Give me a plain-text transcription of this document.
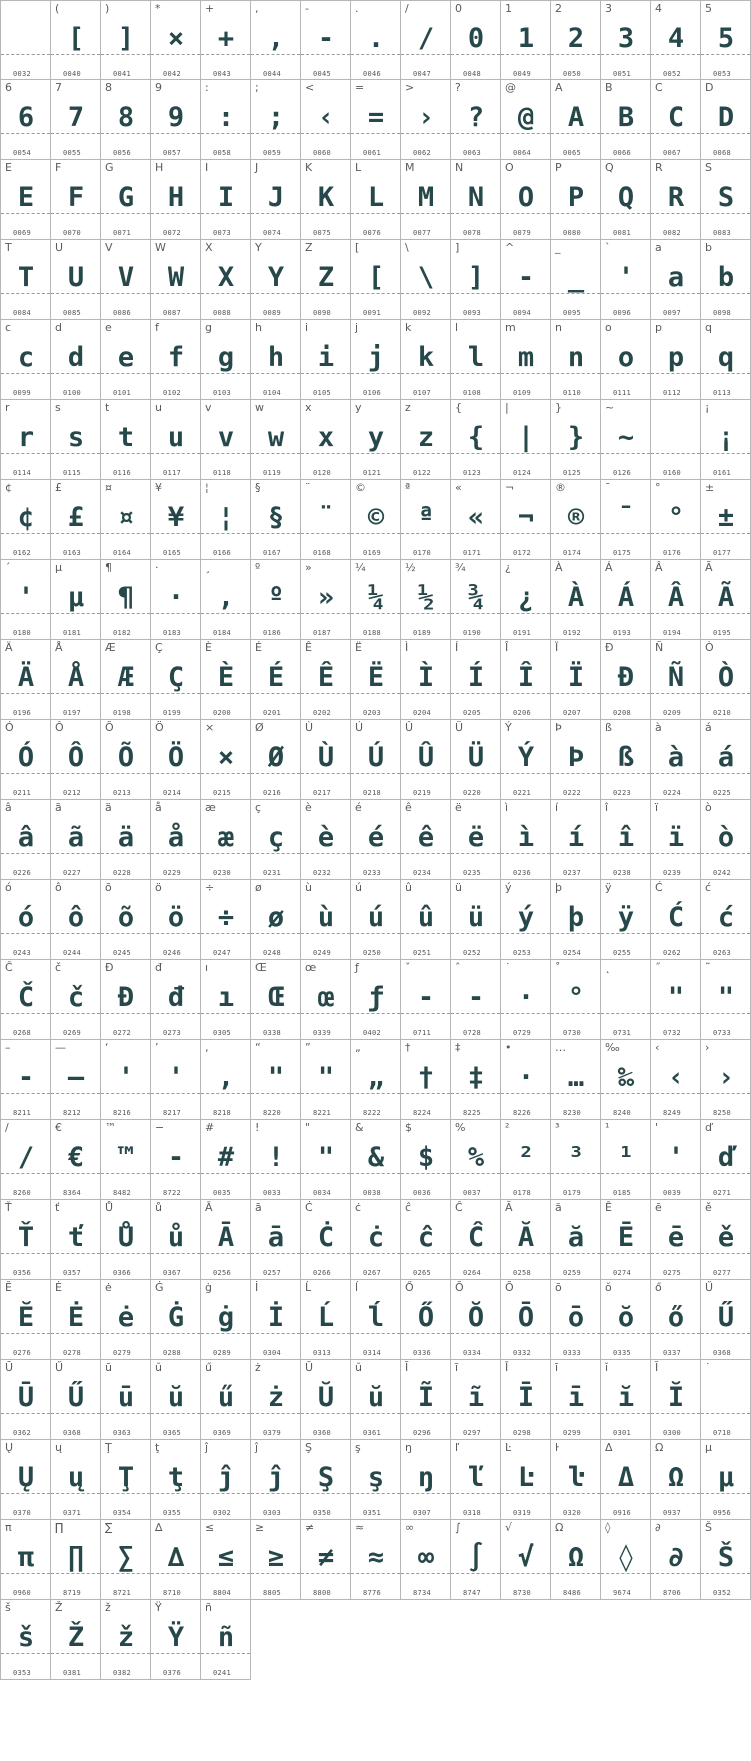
0032
(
[
0040
)
]
0041
*
×
0042
+
+
0043
,
,
0044
-
-
0045
.
.
0046
/
/
0047
0
0
0048
1
1
0049
2
2
0050
3
3
0051
4
4
0052
5
5
0053
6
6
0054
7
7
0055
8
8
0056
9
9
0057
:
:
0058
;
;
0059
<
‹
0060
=
=
0061
>
›
0062
?
?
0063
@
@
0064
A
A
0065
B
B
0066
C
C
0067
D
D
0068
E
E
0069
F
F
0070
G
G
0071
H
H
0072
I
I
0073
J
J
0074
K
K
0075
L
L
0076
M
M
0077
N
N
0078
O
O
0079
P
P
0080
Q
Q
0081
R
R
0082
S
S
0083
T
T
0084
U
U
0085
V
V
0086
W
W
0087
X
X
0088
Y
Y
0089
Z
Z
0090
[
[
0091
\
\
0092
]
]
0093
^
-
0094
_
_
0095
`
'
0096
a
a
0097
b
b
0098
c
c
0099
d
d
0100
e
e
0101
f
f
0102
g
g
0103
h
h
0104
i
i
0105
j
j
0106
k
k
0107
l
l
0108
m
m
0109
n
n
0110
o
o
0111
p
p
0112
q
q
0113
r
r
0114
s
s
0115
t
t
0116
u
u
0117
v
v
0118
w
w
0119
x
x
0120
y
y
0121
z
z
0122
{
{
0123
|
|
0124
}
}
0125
~
~
0126	0160
¡
¡
0161
¢
¢
0162
£
£
0163
¤
¤
0164
¥
¥
0165
¦
¦
0166
§
§
0167
¨
¨
0168
©
©
0169
ª
ª
0170
«
«
0171
¬
¬
0172
®
®
0174
¯
¯
0175
°
°
0176
±
±
0177
´
'
0180
µ
µ
0181
¶
¶
0182
·
·
0183
¸
,
0184
º
º
0186
»
»
0187
¼
¼
0188
½
½
0189
¾
¾
0190
¿
¿
0191
À
À
0192
Á
Á
0193
Â
Â
0194
Ã
Ã
0195
Ä
Ä
0196
Å
Å
0197
Æ
Æ
0198
Ç
Ç
0199
È
È
0200
É
É
0201
Ê
Ê
0202
Ë
Ë
0203
Ì
Ì
0204
Í
Í
0205
Î
Î
0206
Ï
Ï
0207
Ð
Ð
0208
Ñ
Ñ
0209
Ò
Ò
0210
Ó
Ó
0211
Ô
Ô
0212
Õ
Õ
0213
Ö
Ö
0214
×
×
0215
Ø
Ø
0216
Ù
Ù
0217
Ú
Ú
0218
Û
Û
0219
Ü
Ü
0220
Ý
Ý
0221
Þ
Þ
0222
ß
ß
0223
à
à
0224
á
á
0225
â
â
0226
ã
ã
0227
ä
ä
0228
å
å
0229
æ
æ
0230
ç
ç
0231
è
è
0232
é
é
0233
ê
ê
0234
ë
ë
0235
ì
ì
0236
í
í
0237
î
î
0238
ï
ï
0239
ò
ò
0242
ó
ó
0243
ô
ô
0244
õ
õ
0245
ö
ö
0246
÷
÷
0247
ø
ø
0248
ù
ù
0249
ú
ú
0250
û
û
0251
ü
ü
0252
ý
ý
0253
þ
þ
0254
ÿ
ÿ
0255
Ć
Ć
0262
ć
ć
0263
Č
Č
0268
č
č
0269
Đ
Đ
0272
đ
đ
0273
ı
ı
0305
Œ
Œ
0338
œ
œ
0339
ƒ
ƒ
0402
ˇ
-
0711
ˆ
-
0728
˙
·
0729
˚
°
0730
˛
0731
˝
"
0732
˜
"
0733
–
-
8211
—
—
8212
‘
'
8216
’
'
8217
‚
,
8218
“
"
8220
”
"
8221
„
„
8222
†
†
8224
‡
‡
8225
•
·
8226
…
…
8230
‰
‰
8240
‹
‹
8249
›
›
8250
/
/
8260
€
€
8364
™
™
8482
−
-
8722
#
#
0035
!
!
0033
"
"
0034
&
&
0038
$
$
0036
%
%
0037
²
²
0178
³
³
0179
¹
¹
0185
'
'
0039
ď
ď
0271
Ť
Ť
0356
ť
ť
0357
Ů
Ů
0366
ů
ů
0367
Ā
Ā
0256
ā
ā
0257
Ċ
Ċ
0266
ċ
ċ
0267
ĉ
ĉ
0265
Ĉ
Ĉ
0264
Ă
Ă
0258
ă
ă
0259
Ē
Ē
0274
ē
ē
0275
ě
ě
0277
Ĕ
Ĕ
0276
Ė
Ė
0278
ė
ė
0279
Ġ
Ġ
0288
ġ
ġ
0289
İ
İ
0304
Ĺ
Ĺ
0313
ĺ
ĺ
0314
Ő
Ő
0336
Ŏ
Ŏ
0334
Ō
Ō
0332
ō
ō
0333
ŏ
ŏ
0335
ő
ő
0337
Ű
Ű
0368
Ū
Ū
0362
Ű
Ű
0368
ū
ū
0363
ŭ
ŭ
0365
ű
ű
0369
ż
ż
0379
Ŭ
Ŭ
0360
ŭ
ŭ
0361
Ĩ
Ĩ
0296
ĩ
ĩ
0297
Ī
Ī
0298
ī
ī
0299
ĭ
ĭ
0301
Ĭ
Ĭ
0300
˙
0710
Ų
Ų
0370
ų
ų
0371
Ţ
Ţ
0354
ţ
ţ
0355
ĵ
ĵ
0302
ĵ
ĵ
0303
Ş
Ş
0350
ş
ş
0351
ŋ
ŋ
0307
ľ
ľ
0318
Ŀ
Ŀ
0319
ŀ
ŀ
0320
Δ
Δ
0916
Ω
Ω
0937
μ
μ
0956
π
π
0960
∏
∏
8719
∑
∑
8721
∆
∆
8710
≤
≤
8804
≥
≥
8805
≠
≠
8800
≈
≈
8776
∞
∞
8734
∫
∫
8747
√
√
8730
Ω
Ω
8486
◊
◊
9674
∂
∂
8706
Š
Š
0352
š
š
0353
Ž
Ž
0381
ž
ž
0382
Ÿ
Ÿ
0376
ñ
ñ
0241
